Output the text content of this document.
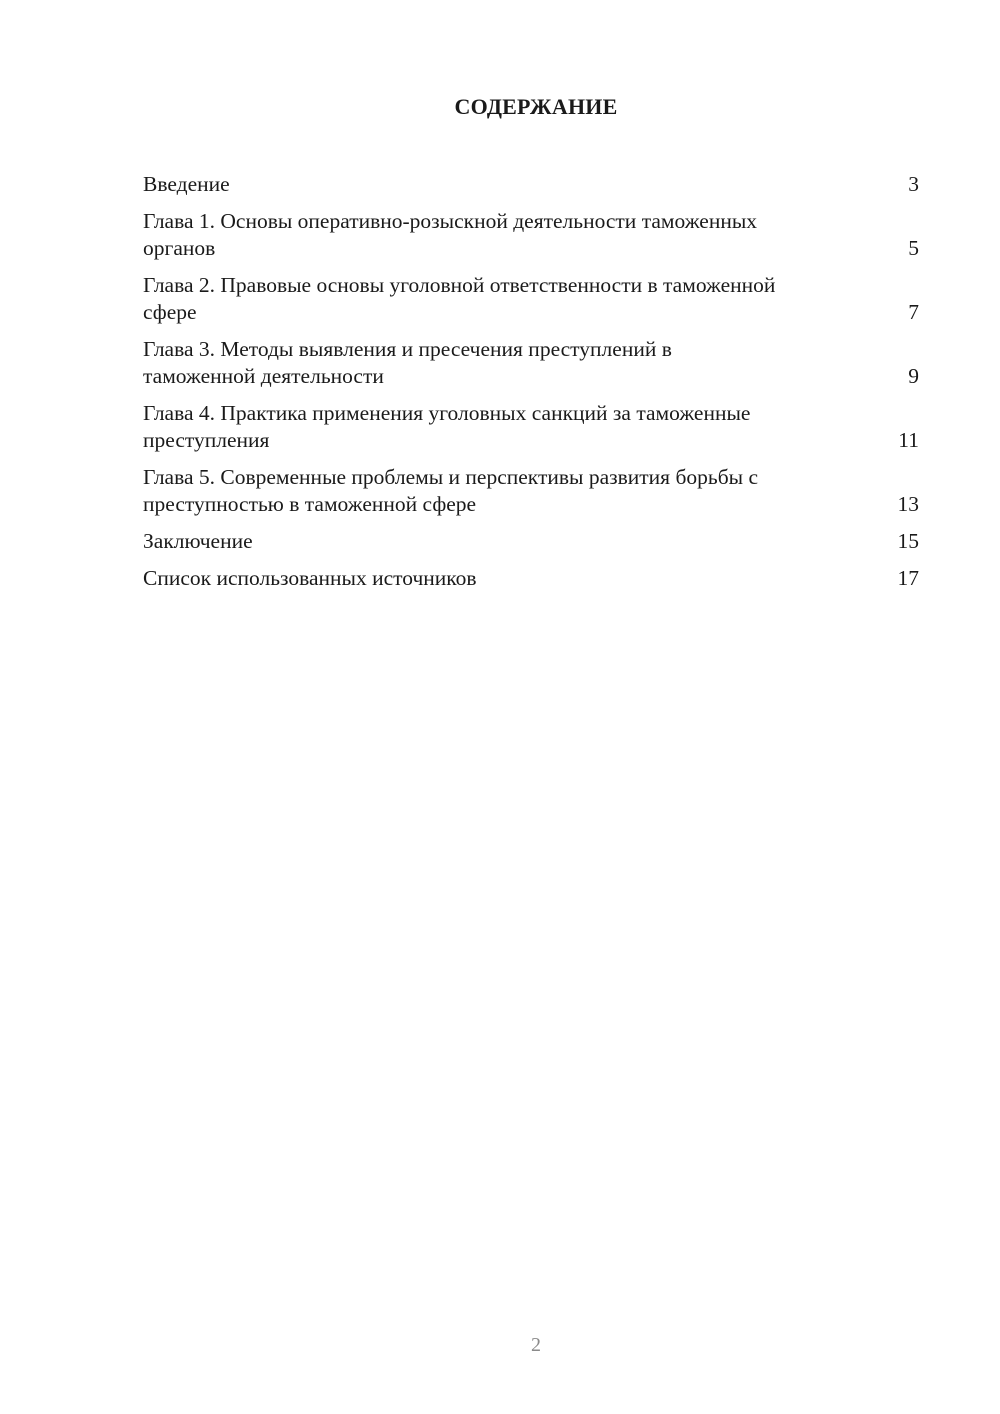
СОДЕРЖАНИЕ
Введение	3
Глава 1. Основы оперативно-розыскной деятельности таможенных органов	5
Глава 2. Правовые основы уголовной ответственности в таможенной сфере	7
Глава 3. Методы выявления и пресечения преступлений в таможенной деятельности	9
Глава 4. Практика применения уголовных санкций за таможенные преступления	11
Глава 5. Современные проблемы и перспективы развития борьбы с преступностью в таможенной сфере	13
Заключение	15
Список использованных источников	17
2
